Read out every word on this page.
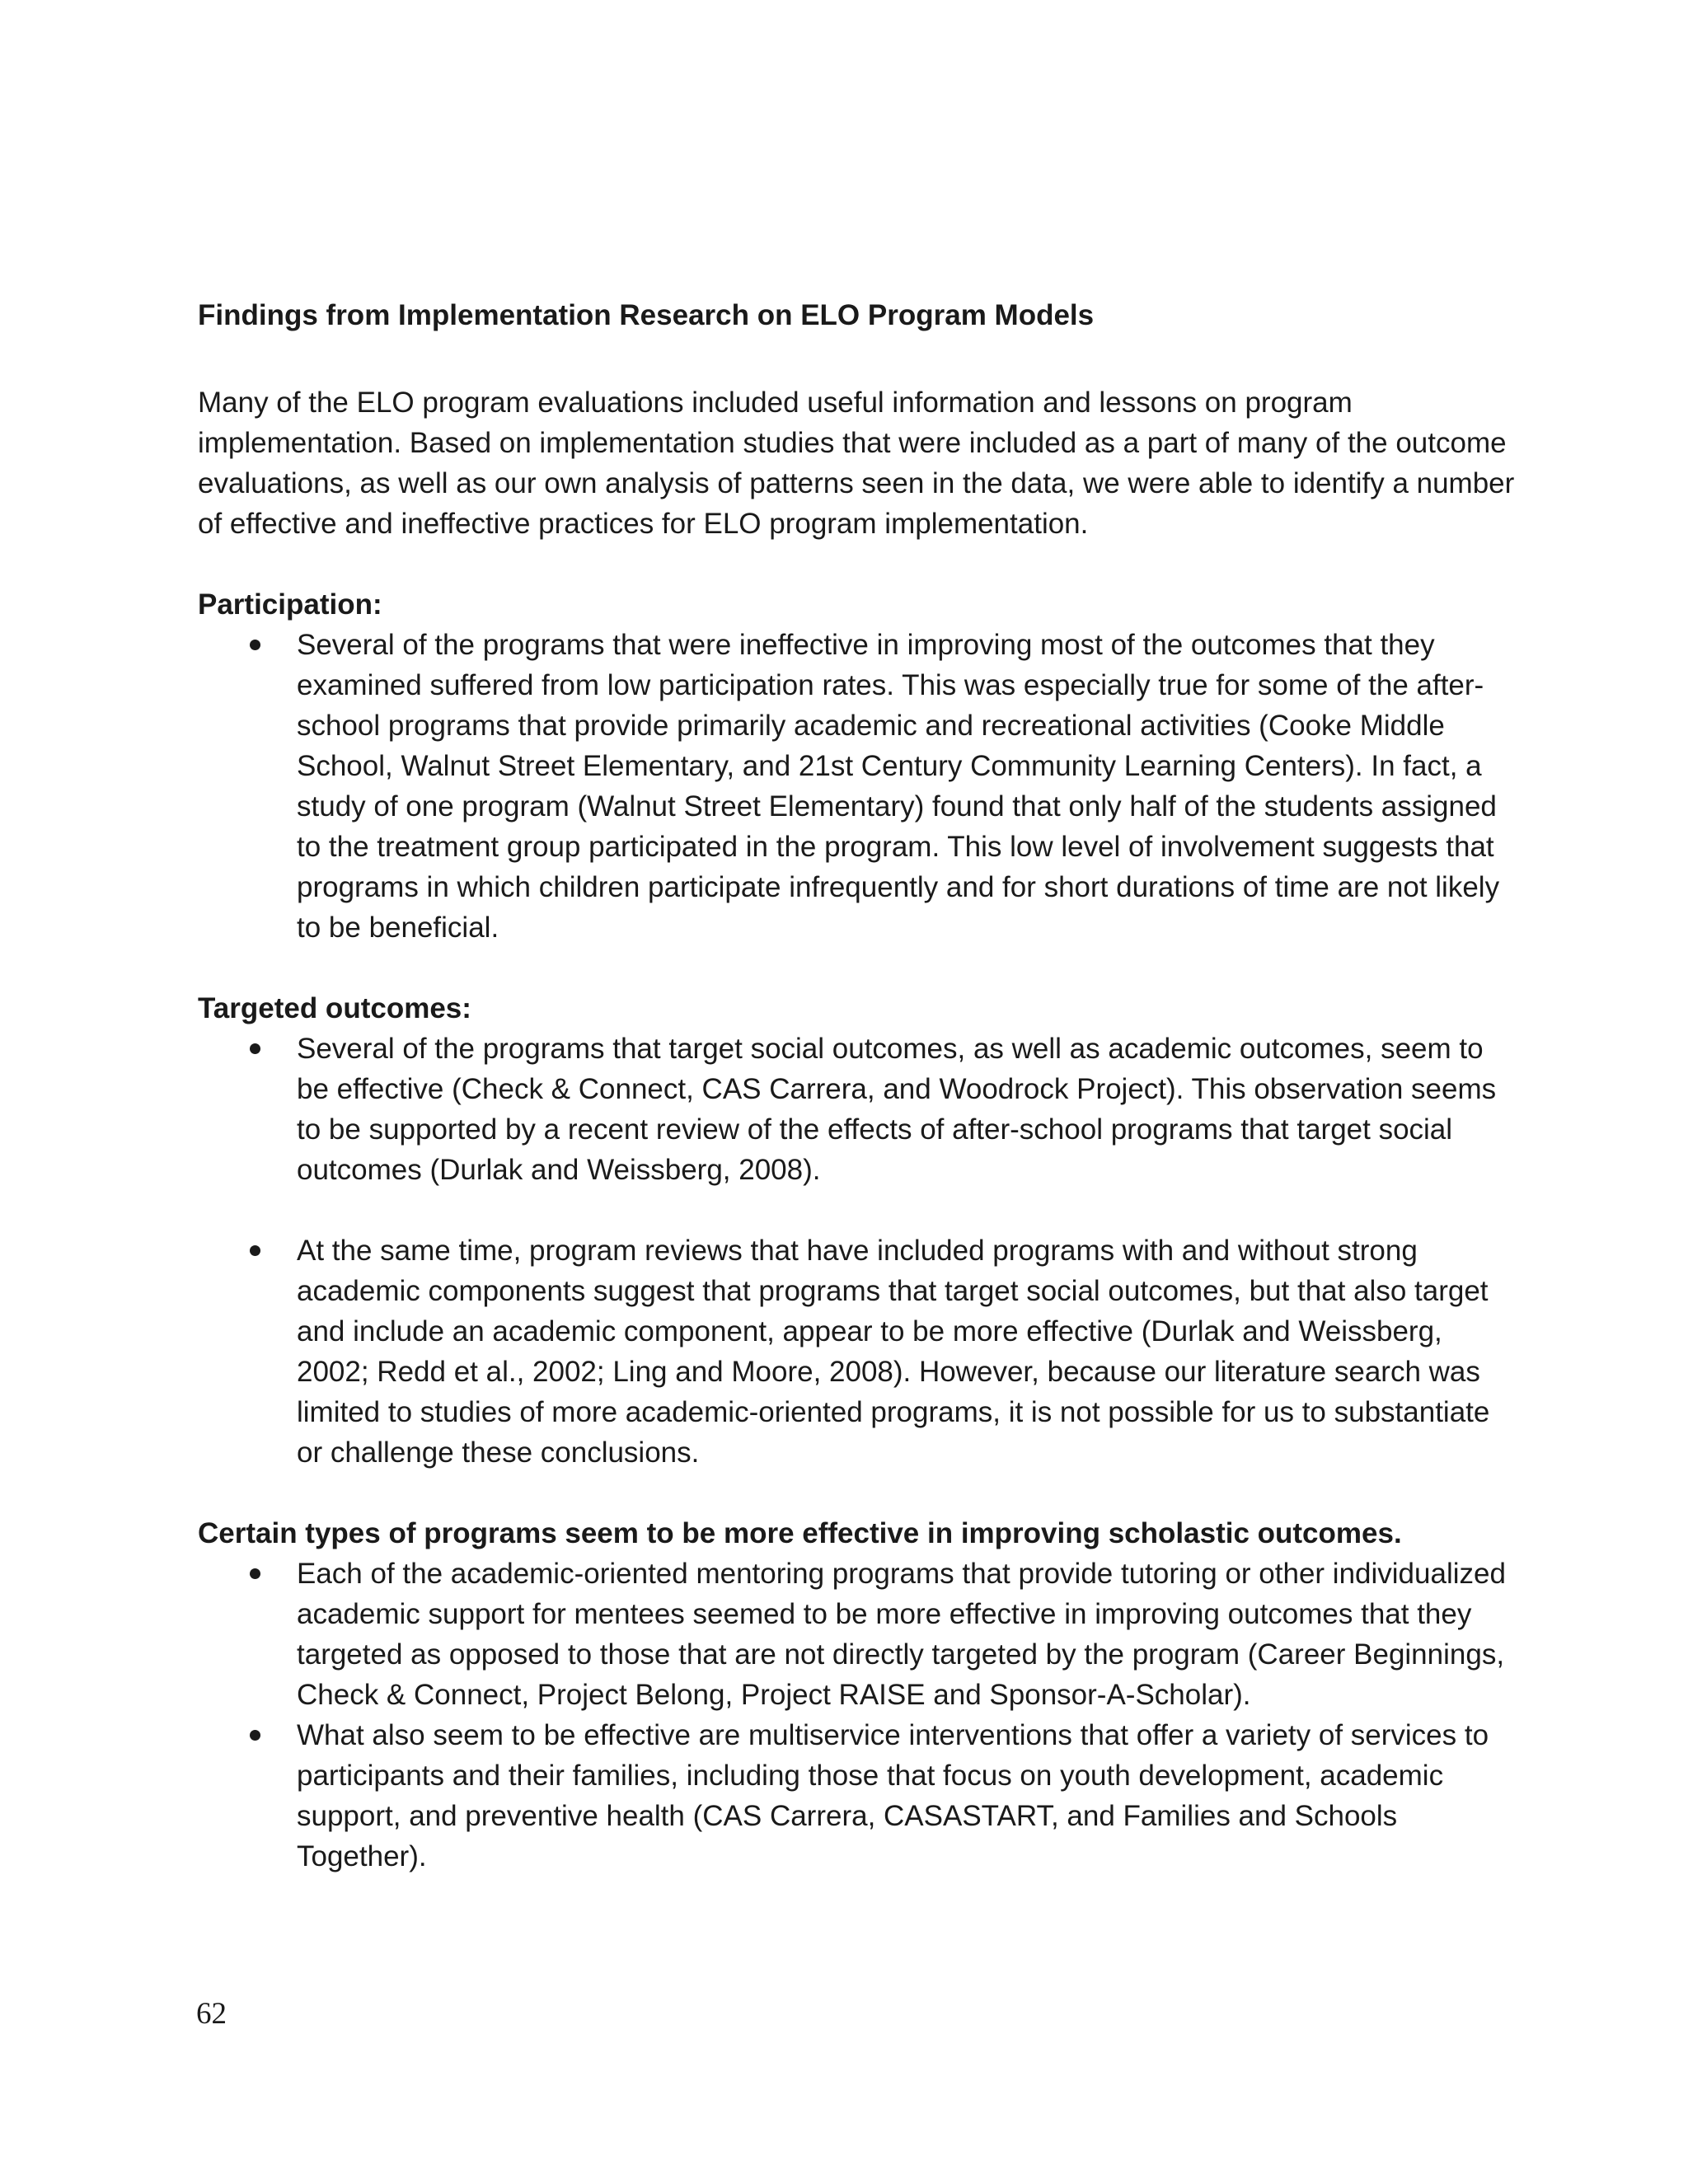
Findings from Implementation Research on ELO Program Models

Many of the ELO program evaluations included useful information and lessons on program implementation. Based on implementation studies that were included as a part of many of the outcome evaluations, as well as our own analysis of patterns seen in the data, we were able to identify a number of effective and ineffective practices for ELO program implementation.

Participation:

Several of the programs that were ineffective in improving most of the outcomes that they examined suffered from low participation rates. This was especially true for some of the after-school programs that provide primarily academic and recreational activities (Cooke Middle School, Walnut Street Elementary, and 21st Century Community Learning Centers). In fact, a study of one program (Walnut Street Elementary) found that only half of the students assigned to the treatment group participated in the program. This low level of involvement suggests that programs in which children participate infrequently and for short durations of time are not likely to be beneficial.

Targeted outcomes:

Several of the programs that target social outcomes, as well as academic outcomes, seem to be effective (Check & Connect, CAS Carrera, and Woodrock Project). This observation seems to be supported by a recent review of the effects of after-school programs that target social outcomes (Durlak and Weissberg, 2008).
At the same time, program reviews that have included programs with and without strong academic components suggest that programs that target social outcomes, but that also target and include an academic component, appear to be more effective (Durlak and Weissberg, 2002; Redd et al., 2002; Ling and Moore, 2008). However, because our literature search was limited to studies of more academic-oriented programs, it is not possible for us to substantiate or challenge these conclusions.

Certain types of programs seem to be more effective in improving scholastic outcomes.

Each of the academic-oriented mentoring programs that provide tutoring or other individualized academic support for mentees seemed to be more effective in improving outcomes that they targeted as opposed to those that are not directly targeted by the program (Career Beginnings, Check & Connect, Project Belong, Project RAISE and Sponsor-A-Scholar).
What also seem to be effective are multiservice interventions that offer a variety of services to participants and their families, including those that focus on youth development, academic support, and preventive health (CAS Carrera, CASASTART, and Families and Schools Together).
62
